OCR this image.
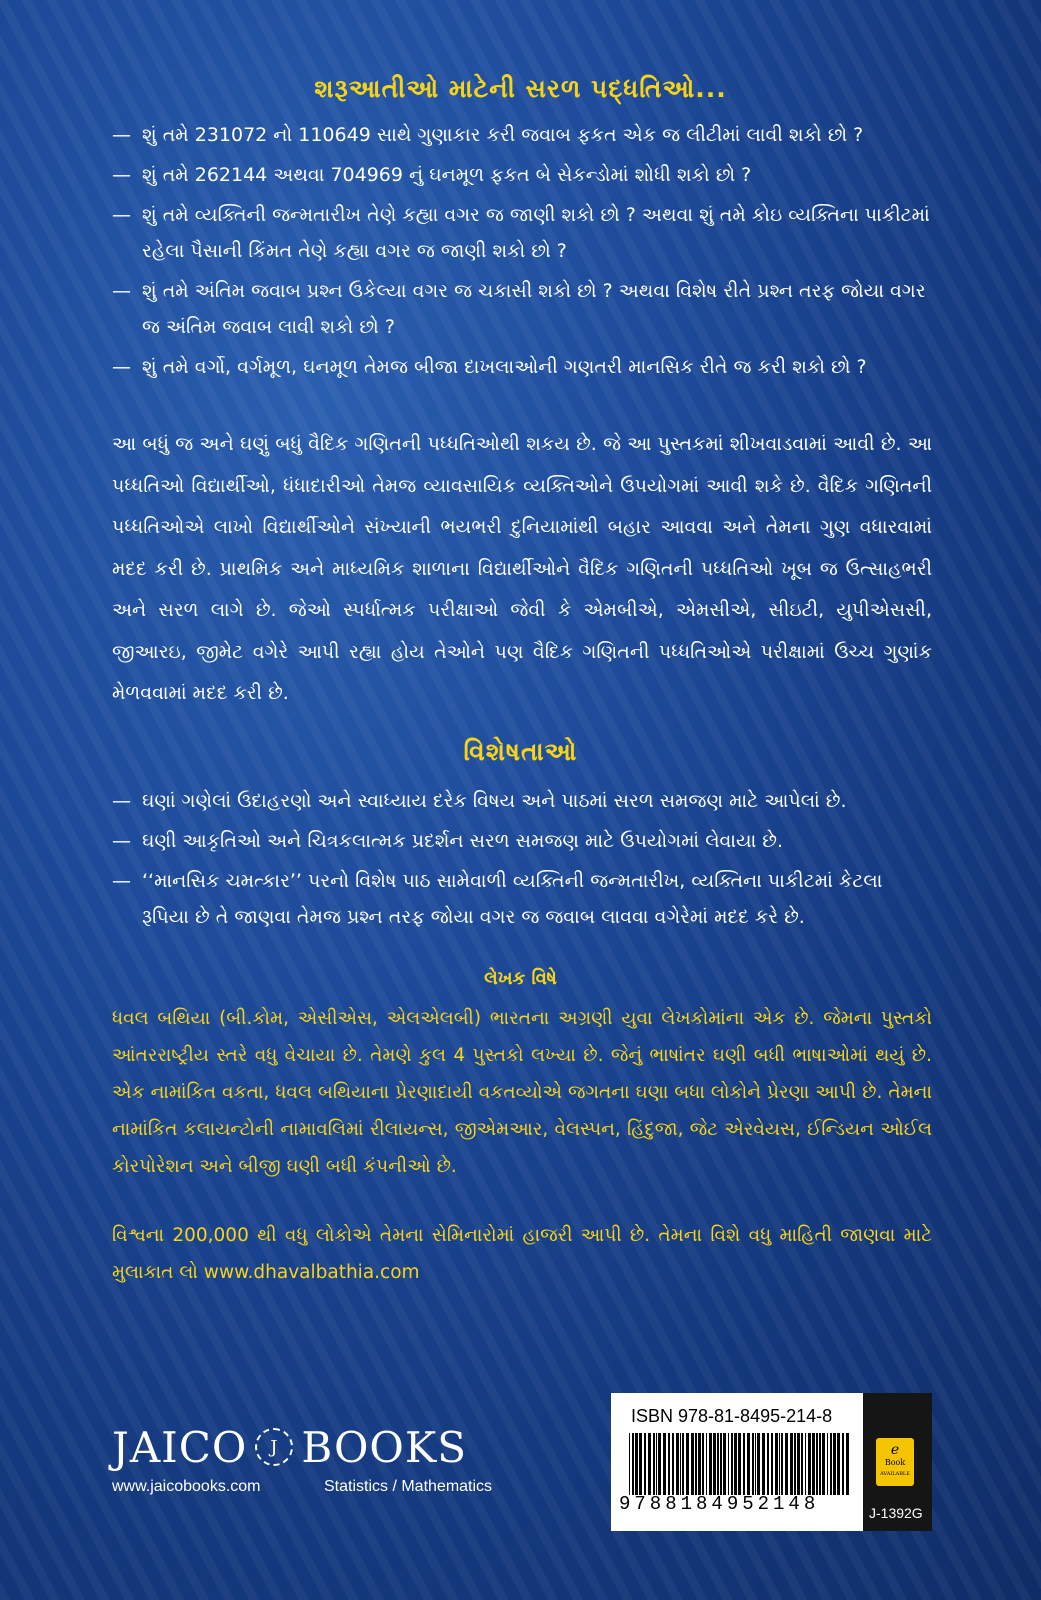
શરૂઆતીઓ માટેની સરળ પદ્ધતિઓ...
— શું તમે 231072 નો 110649 સાથે ગુણાકાર કરી જવાબ ફકત એક જ લીટીમાં લાવી શકો છો ?
— શું તમે 262144 અથવા 704969 નું ઘનમૂળ ફકત બે સેકન્ડોમાં શોધી શકો છો ?
— શું તમે વ્યક્તિની જન્મતારીખ તેણે કહ્યા વગર જ જાણી શકો છો ? અથવા શું તમે કોઇ વ્યક્તિના પાકીટમાં રહેલા પૈસાની કિંમત તેણે કહ્યા વગર જ જાણી શકો છો ?
— શું તમે અંતિમ જવાબ પ્રશ્ન ઉકેલ્યા વગર જ ચકાસી શકો છો ? અથવા વિશેષ રીતે પ્રશ્ન તરફ જોયા વગર જ અંતિમ જવાબ લાવી શકો છો ?
— શું તમે વર્ગો, વર્ગમૂળ, ઘનમૂળ તેમજ બીજા દાખલાઓની ગણતરી માનસિક રીતે જ કરી શકો છો ?

આ બધું જ અને ઘણું બધું વૈદિક ગણિતની પધ્ધતિઓથી શકય છે. જે આ પુસ્તકમાં શીખવાડવામાં આવી છે. આ પધ્ધતિઓ વિદ્યાર્થીઓ, ધંધાદારીઓ તેમજ વ્યાવસાયિક વ્યક્તિઓને ઉપયોગમાં આવી શકે છે. વૈદિક ગણિતની પધ્ધતિઓએ લાખો વિદ્યાર્થીઓને સંખ્યાની ભયભરી દુનિયામાંથી બહાર આવવા અને તેમના ગુણ વધારવામાં મદદ કરી છે. પ્રાથમિક અને માધ્યમિક શાળાના વિદ્યાર્થીઓને વૈદિક ગણિતની પધ્ધતિઓ ખૂબ જ ઉત્સાહભરી અને સરળ લાગે છે. જેઓ સ્પર્ધાત્મક પરીક્ષાઓ જેવી કે એમબીએ, એમસીએ, સીઇટી, યુપીએસસી, જીઆરઇ, જીમેટ વગેરે આપી રહ્યા હોય તેઓને પણ વૈદિક ગણિતની પધ્ધતિઓએ પરીક્ષામાં ઉચ્ચ ગુણાંક મેળવવામાં મદદ કરી છે.

વિશેષતાઓ
— ઘણાં ગણેલાં ઉદાહરણો અને સ્વાધ્યાય દરેક વિષય અને પાઠમાં સરળ સમજણ માટે આપેલાં છે.
— ઘણી આકૃતિઓ અને ચિત્રકલાત્મક પ્રદર્શન સરળ સમજણ માટે ઉપયોગમાં લેવાયા છે.
— ‘‘માનસિક ચમત્કાર’’ પરનો વિશેષ પાઠ સામેવાળી વ્યક્તિની જન્મતારીખ, વ્યક્તિના પાકીટમાં કેટલા રૂપિયા છે તે જાણવા તેમજ પ્રશ્ન તરફ જોયા વગર જ જવાબ લાવવા વગેરેમાં મદદ કરે છે.
લેખક વિષે

ધવલ બથિયા (બી.કોમ, એસીએસ, એલએલબી) ભારતના અગ્રણી યુવા લેખકોમાંના એક છે. જેમના પુસ્તકો આંતરરાષ્ટ્રીય સ્તરે વધુ વેચાયા છે. તેમણે કુલ 4 પુસ્તકો લખ્યા છે. જેનું ભાષાંતર ઘણી બધી ભાષાઓમાં થયું છે. એક નામાંકિત વકતા, ધવલ બથિયાના પ્રેરણાદાયી વકતવ્યોએ જગતના ઘણા બધા લોકોને પ્રેરણા આપી છે. તેમના નામાંકિત કલાયન્ટોની નામાવલિમાં રીલાયન્સ, જીએમઆર, વેલસ્પન, હિંદુજા, જેટ એરવેયસ, ઈન્ડિયન ઓઈલ કોરપોરેશન અને બીજી ઘણી બધી કંપનીઓ છે.

વિશ્વના 200,000 થી વધુ લોકોએ તેમના સેમિનારોમાં હાજરી આપી છે. તેમના વિશે વધુ માહિતી જાણવા માટે મુલાકાત લો www.dhavalbathia.com

JAICO J BOOKS
www.jaicobooks.com	Statistics / Mathematics
ISBN 978-81-8495-214-8
9788184952148
e
Book
AVAILABLE
J-1392G
